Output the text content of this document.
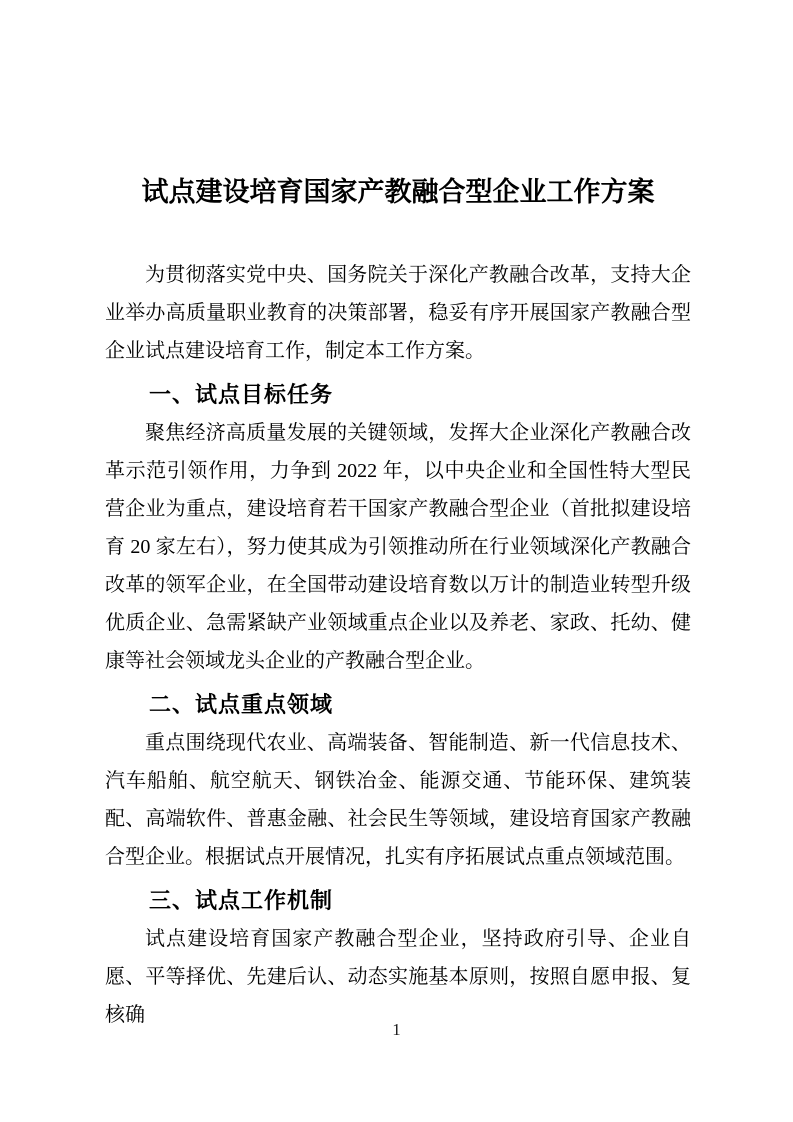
试点建设培育国家产教融合型企业工作方案

为贯彻落实党中央、国务院关于深化产教融合改革，支持大企业举办高质量职业教育的决策部署，稳妥有序开展国家产教融合型企业试点建设培育工作，制定本工作方案。

一、试点目标任务

聚焦经济高质量发展的关键领域，发挥大企业深化产教融合改革示范引领作用，力争到 2022 年，以中央企业和全国性特大型民营企业为重点，建设培育若干国家产教融合型企业（首批拟建设培育 20 家左右），努力使其成为引领推动所在行业领域深化产教融合改革的领军企业，在全国带动建设培育数以万计的制造业转型升级优质企业、急需紧缺产业领域重点企业以及养老、家政、托幼、健康等社会领域龙头企业的产教融合型企业。

二、试点重点领域

重点围绕现代农业、高端装备、智能制造、新一代信息技术、汽车船舶、航空航天、钢铁冶金、能源交通、节能环保、建筑装配、高端软件、普惠金融、社会民生等领域，建设培育国家产教融合型企业。根据试点开展情况，扎实有序拓展试点重点领域范围。

三、试点工作机制

试点建设培育国家产教融合型企业，坚持政府引导、企业自愿、平等择优、先建后认、动态实施基本原则，按照自愿申报、复核确

1
